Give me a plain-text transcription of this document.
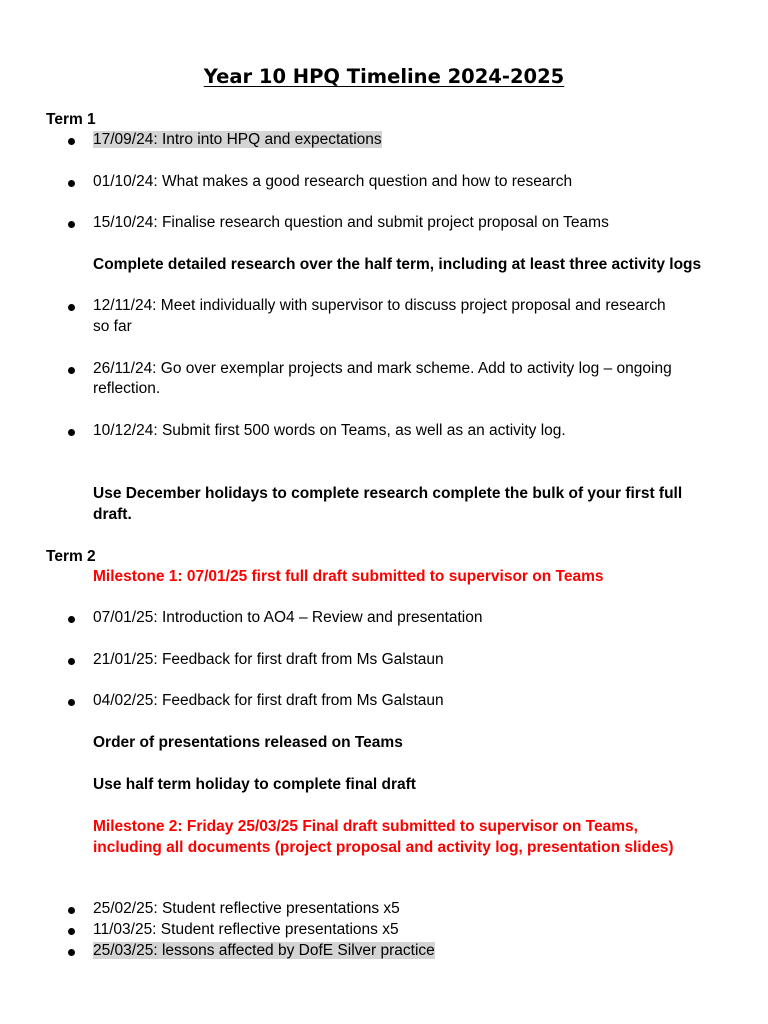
Year 10 HPQ Timeline 2024-2025
Term 1
17/09/24: Intro into HPQ and expectations
01/10/24: What makes a good research question and how to research
15/10/24: Finalise research question and submit project proposal on Teams
Complete detailed research over the half term, including at least three activity logs
12/11/24: Meet individually with supervisor to discuss project proposal and research
so far
26/11/24: Go over exemplar projects and mark scheme. Add to activity log – ongoing
reflection.
10/12/24: Submit first 500 words on Teams, as well as an activity log.
Use December holidays to complete research complete the bulk of your first full
draft.
Term 2
Milestone 1: 07/01/25 first full draft submitted to supervisor on Teams
07/01/25: Introduction to AO4 – Review and presentation
21/01/25: Feedback for first draft from Ms Galstaun
04/02/25: Feedback for first draft from Ms Galstaun
Order of presentations released on Teams
Use half term holiday to complete final draft
Milestone 2: Friday 25/03/25 Final draft submitted to supervisor on Teams,
including all documents (project proposal and activity log, presentation slides)
25/02/25: Student reflective presentations x5
11/03/25: Student reflective presentations x5
25/03/25: lessons affected by DofE Silver practice
